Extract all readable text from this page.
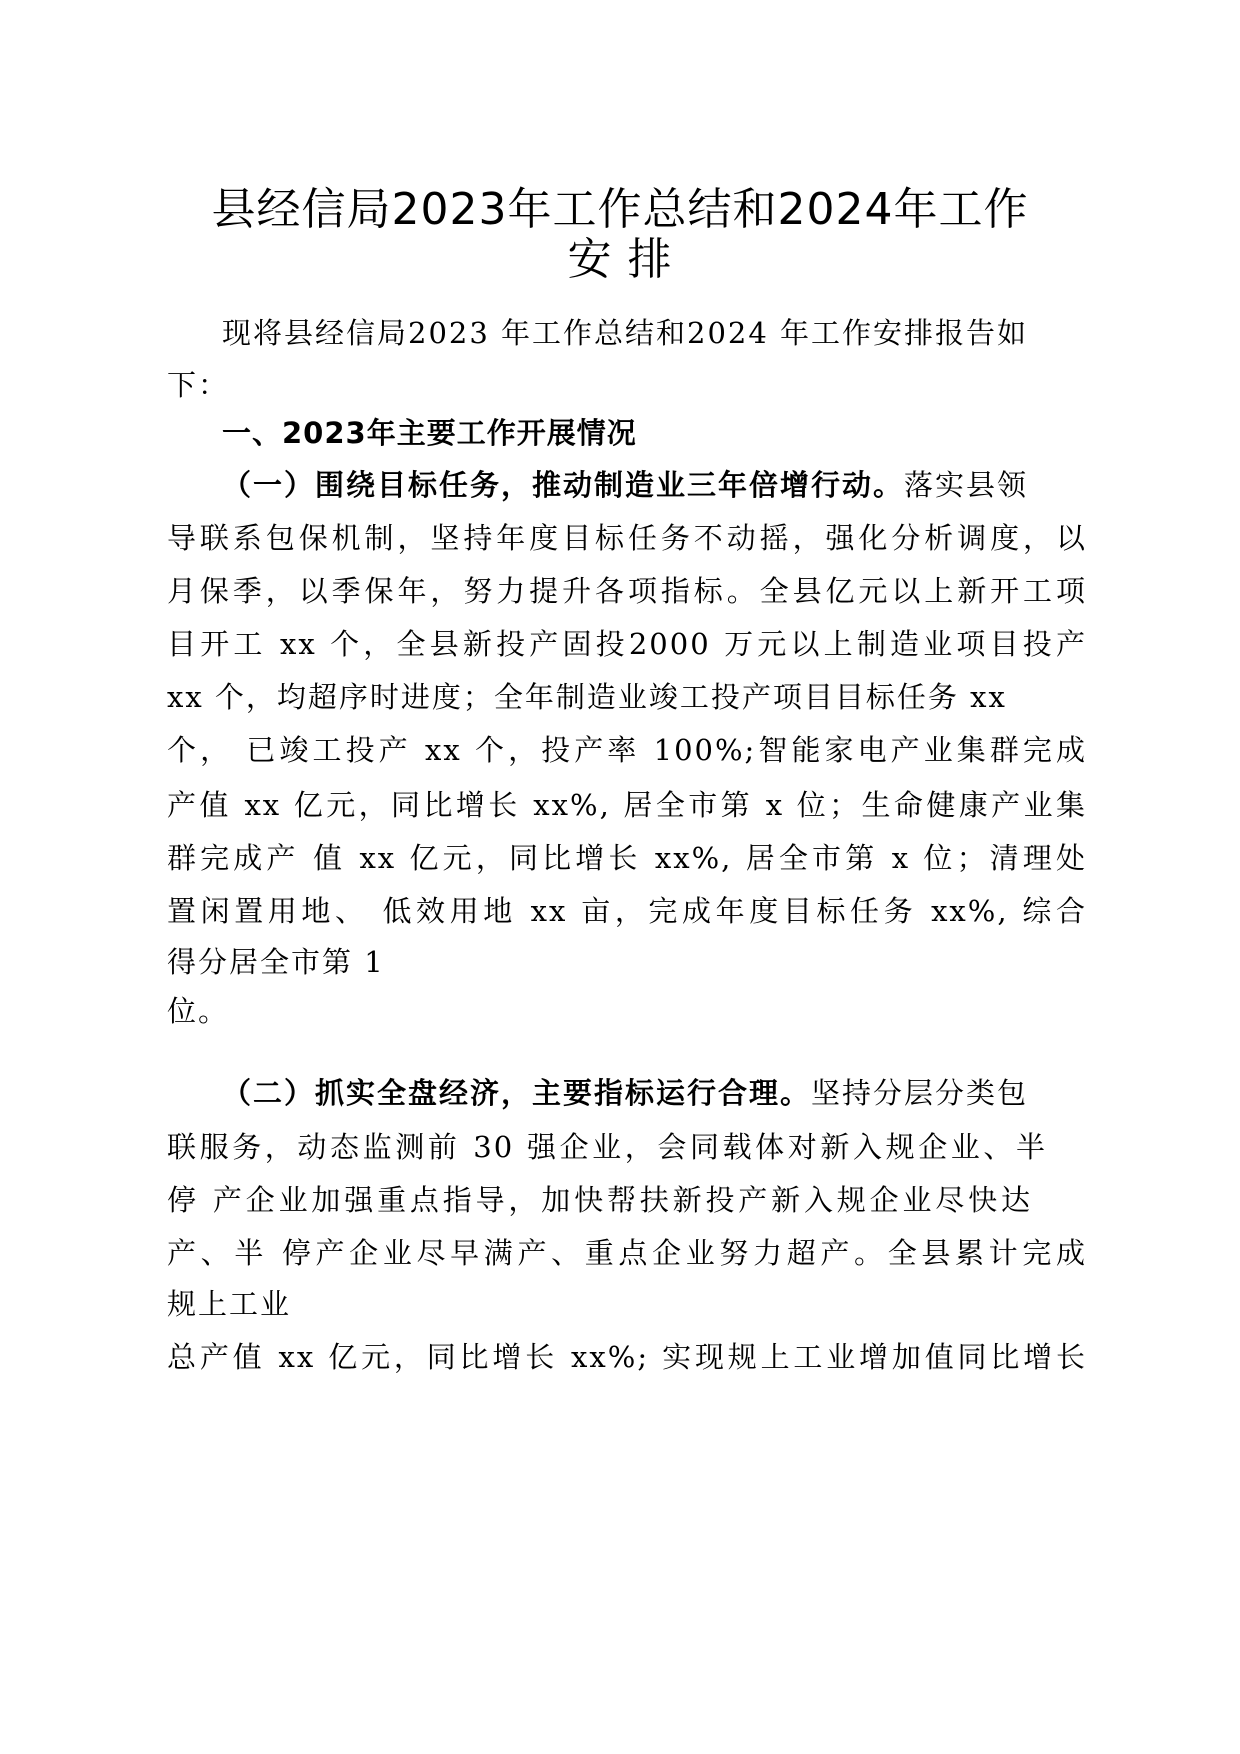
县经信局2023年工作总结和2024年工作
安 排
现将县经信局2023 年工作总结和2024 年工作安排报告如
下：
一、2023年主要工作开展情况
（一）围绕目标任务，推动制造业三年倍增行动。落实县领
导联系包保机制，坚持年度目标任务不动摇，强化分析调度，以
月保季，以季保年，努力提升各项指标。全县亿元以上新开工项
目开工 xx 个，全县新投产固投2000 万元以上制造业项目投产
xx 个，均超序时进度；全年制造业竣工投产项目目标任务 xx
个， 已竣工投产 xx 个，投产率 100%;智能家电产业集群完成
产值 xx 亿元，同比增长 xx%, 居全市第 x 位；生命健康产业集
群完成产 值 xx 亿元，同比增长 xx%, 居全市第 x 位；清理处
置闲置用地、 低效用地 xx 亩，完成年度目标任务 xx%, 综合
得分居全市第 1
位。
（二）抓实全盘经济，主要指标运行合理。坚持分层分类包
联服务，动态监测前 30 强企业，会同载体对新入规企业、半
停 产企业加强重点指导，加快帮扶新投产新入规企业尽快达
产、半 停产企业尽早满产、重点企业努力超产。全县累计完成
规上工业
总产值 xx 亿元，同比增长 xx%; 实现规上工业增加值同比增长
